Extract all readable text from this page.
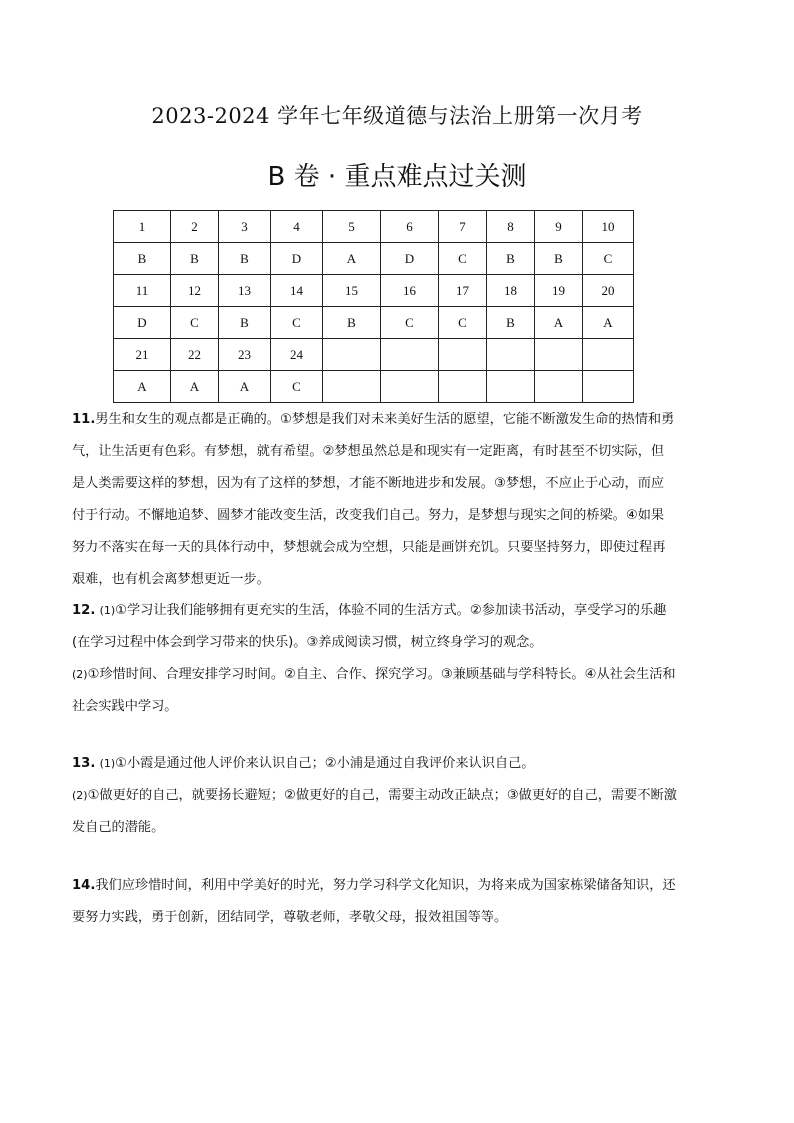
2023-2024 学年七年级道德与法治上册第一次月考
B 卷 · 重点难点过关测
1	2	3	4	5	6	7	8	9	10
B	B	B	D	A	D	C	B	B	C
11	12	13	14	15	16	17	18	19	20
D	C	B	C	B	C	C	B	A	A
21	22	23	24						
A	A	A	C						

11.男生和女生的观点都是正确的。①梦想是我们对未来美好生活的愿望，它能不断激发生命的热情和勇气，让生活更有色彩。有梦想，就有希望。②梦想虽然总是和现实有一定距离，有时甚至不切实际，但是人类需要这样的梦想，因为有了这样的梦想，才能不断地进步和发展。③梦想，不应止于心动，而应付于行动。不懈地追梦、圆梦才能改变生活，改变我们自己。努力，是梦想与现实之间的桥梁。④如果努力不落实在每一天的具体行动中，梦想就会成为空想，只能是画饼充饥。只要坚持努力，即使过程再艰难，也有机会离梦想更近一步。

12. (1)①学习让我们能够拥有更充实的生活，体验不同的生活方式。②参加读书活动，享受学习的乐趣(在学习过程中体会到学习带来的快乐)。③养成阅读习惯，树立终身学习的观念。

(2)①珍惜时间、合理安排学习时间。②自主、合作、探究学习。③兼顾基础与学科特长。④从社会生活和社会实践中学习。

13. (1)①小霞是通过他人评价来认识自己；②小浦是通过自我评价来认识自己。

(2)①做更好的自己，就要扬长避短；②做更好的自己，需要主动改正缺点；③做更好的自己，需要不断激发自己的潜能。

14.我们应珍惜时间，利用中学美好的时光，努力学习科学文化知识，为将来成为国家栋梁储备知识，还要努力实践，勇于创新，团结同学，尊敬老师，孝敬父母，报效祖国等等。
